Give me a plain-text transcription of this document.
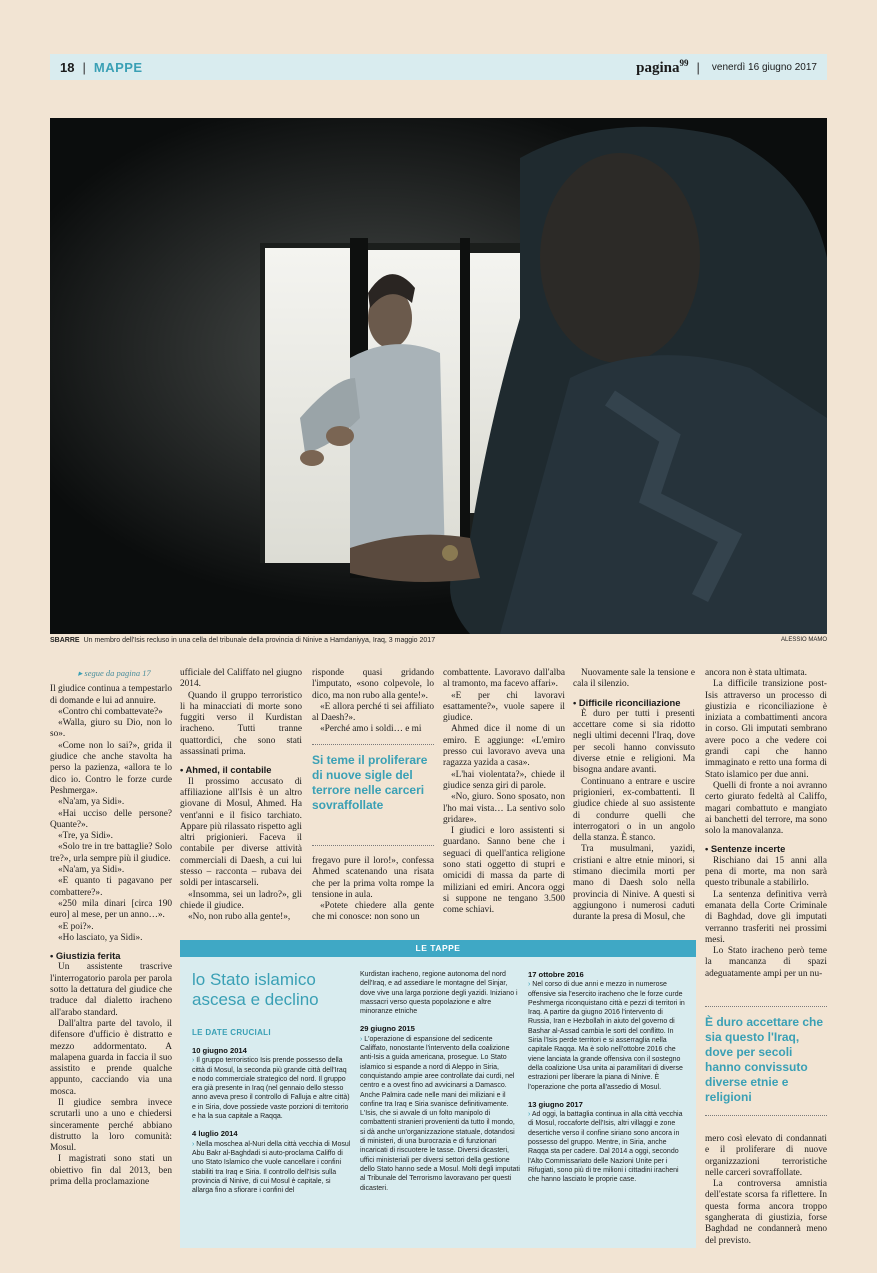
18 | MAPPE	pagina$^{99}$ | venerdì 16 giugno 2017
SBARRE Un membro dell'Isis recluso in una cella del tribunale della provincia di Ninive a Hamdaniyya, Iraq, 3 maggio 2017	ALESSIO MAMO
▸ segue da pagina 17

Il giudice continua a tempestarlo di domande e lui ad annuire.

«Contro chi combattevate?»

«Walla, giuro su Dio, non lo so».

«Come non lo sai?», grida il giudice che anche stavolta ha perso la pazienza, «allora te lo dico io. Contro le forze curde Peshmerga».

«Na'am, ya Sidi».

«Hai ucciso delle persone? Quante?».

«Tre, ya Sidi».

«Solo tre in tre battaglie? Solo tre?», urla sempre più il giudice.

«Na'am, ya Sidi».

«E quanto ti pagavano per combattere?».

«250 mila dinari [circa 190 euro] al mese, per un anno…».

«E poi?».

«Ho lasciato, ya Sidi».

• Giustizia ferita

Un assistente trascrive l'interrogatorio parola per parola sotto la dettatura del giudice che traduce dal dialetto iracheno all'arabo standard.

Dall'altra parte del tavolo, il difensore d'ufficio è distratto e mezzo addormentato. A malapena guarda in faccia il suo assistito e prende qualche appunto, cacciando via una mosca.

Il giudice sembra invece scrutarli uno a uno e chiedersi sinceramente perché abbiano distrutto la loro comunità: Mosul.

I magistrati sono stati un obiettivo fin dal 2013, ben prima della proclamazione

ufficiale del Califfato nel giugno 2014.

Quando il gruppo terroristico li ha minacciati di morte sono fuggiti verso il Kurdistan iracheno. Tutti tranne quattordici, che sono stati assassinati prima.

• Ahmed, il contabile

Il prossimo accusato di affiliazione all'Isis è un altro giovane di Mosul, Ahmed. Ha vent'anni e il fisico tarchiato. Appare più rilassato rispetto agli altri prigionieri. Faceva il contabile per diverse attività commerciali di Daesh, a cui lui stesso – racconta – rubava dei soldi per intascarseli.

«Insomma, sei un ladro?», gli chiede il giudice.

«No, non rubo alla gente!»,

risponde quasi gridando l'imputato, «sono colpevole, lo dico, ma non rubo alla gente!».

«E allora perché ti sei affiliato al Daesh?».

«Perché amo i soldi… e mi

Si teme il proliferare di nuove sigle del terrore nelle carceri sovraffollate

fregavo pure il loro!», confessa Ahmed scatenando una risata che per la prima volta rompe la tensione in aula.

«Potete chiedere alla gente che mi conosce: non sono un

combattente. Lavoravo dall'alba al tramonto, ma facevo affari».

«E per chi lavoravi esattamente?», vuole sapere il giudice.

Ahmed dice il nome di un emiro. E aggiunge: «L'emiro presso cui lavoravo aveva una ragazza yazida a casa».

«L'hai violentata?», chiede il giudice senza giri di parole.

«No, giuro. Sono sposato, non l'ho mai vista… La sentivo solo gridare».

I giudici e loro assistenti si guardano. Sanno bene che i seguaci di quell'antica religione sono stati oggetto di stupri e omicidi di massa da parte di miliziani ed emiri. Ancora oggi si suppone ne tengano 3.500 come schiavi.

Nuovamente sale la tensione e cala il silenzio.

• Difficile riconciliazione

È duro per tutti i presenti accettare come si sia ridotto negli ultimi decenni l'Iraq, dove per secoli hanno convissuto diverse etnie e religioni. Ma bisogna andare avanti.

Continuano a entrare e uscire prigionieri, ex-combattenti. Il giudice chiede al suo assistente di condurre quelli che interrogatori o in un angolo della stanza. È stanco.

Tra musulmani, yazidi, cristiani e altre etnie minori, si stimano diecimila morti per mano di Daesh solo nella provincia di Ninive. A questi si aggiungono i numerosi caduti durante la presa di Mosul, che

ancora non è stata ultimata.

La difficile transizione post-Isis attraverso un processo di giustizia e riconciliazione è iniziata a combattimenti ancora in corso. Gli imputati sembrano avere poco a che vedere coi grandi capi che hanno immaginato e retto una forma di Stato islamico per due anni.

Quelli di fronte a noi avranno certo giurato fedeltà al Califfo, magari combattuto e mangiato ai banchetti del terrore, ma sono solo la manovalanza.

• Sentenze incerte

Rischiano dai 15 anni alla pena di morte, ma non sarà questo tribunale a stabilirlo.

La sentenza definitiva verrà emanata della Corte Criminale di Baghdad, dove gli imputati verranno trasferiti nei prossimi mesi.

Lo Stato iracheno però teme la mancanza di spazi adeguatamente ampi per un nu-

È duro accettare che sia questo l'Iraq, dove per secoli hanno convissuto diverse etnie e religioni

mero così elevato di condannati e il proliferare di nuove organizzazioni terroristiche nelle carceri sovraffollate.

La controversa amnistia dell'estate scorsa fa riflettere. In questa forma ancora troppo sgangherata di giustizia, forse Baghdad ne condannerà meno del previsto.

LE TAPPE
lo Stato islamico ascesa e declino
LE DATE CRUCIALI
10 giugno 2014
› Il gruppo terroristico Isis prende possesso della città di Mosul, la seconda più grande città dell'Iraq e nodo commerciale strategico del nord. Il gruppo era già presente in Iraq (nel gennaio dello stesso anno aveva preso il controllo di Falluja e altre città) e in Siria, dove possiede vaste porzioni di territorio e ha la sua capitale a Raqqa.
4 luglio 2014
› Nella moschea al-Nuri della città vecchia di Mosul Abu Bakr al-Baghdadi si auto-proclama Califfo di uno Stato Islamico che vuole cancellare i confini stabiliti tra Iraq e Siria. Il controllo dell'Isis sulla provincia di Ninive, di cui Mosul è capitale, si allarga fino a sfiorare i confini del
Kurdistan iracheno, regione autonoma del nord dell'Iraq, e ad assediare le montagne del Sinjar, dove vive una larga porzione degli yazidi. Iniziano i massacri verso questa popolazione e altre minoranze etniche
29 giugno 2015
› L'operazione di espansione del sedicente Califfato, nonostante l'intervento della coalizione anti-Isis a guida americana, prosegue. Lo Stato islamico si espande a nord di Aleppo in Siria, conquistando ampie aree controllate dai curdi, nel centro e a ovest fino ad avvicinarsi a Damasco. Anche Palmira cade nelle mani dei miliziani e il confine tra Iraq e Siria svanisce definitivamente. L'Isis, che si avvale di un folto manipolo di combattenti stranieri provenienti da tutto il mondo, si dà anche un'organizzazione statuale, dotandosi di ministeri, di una burocrazia e di funzionari incaricati di riscuotere le tasse. Diversi dicasteri, uffici ministeriali per diversi settori della gestione dello Stato hanno sede a Mosul. Molti degli imputati al Tribunale del Terrorismo lavoravano per questi dicasteri.
17 ottobre 2016
› Nel corso di due anni e mezzo in numerose offensive sia l'esercito iracheno che le forze curde Peshmerga riconquistano città e pezzi di territori in Iraq. A partire da giugno 2016 l'intervento di Russia, Iran e Hezbollah in aiuto del governo di Bashar al-Assad cambia le sorti del conflitto. In Siria l'Isis perde territori e si asserraglia nella capitale Raqqa. Ma è solo nell'ottobre 2016 che viene lanciata la grande offensiva con il sostegno della coalizione Usa unita ai paramilitari di diverse estrazioni per liberare la piana di Ninive. È l'operazione che porta all'assedio di Mosul.
13 giugno 2017
› Ad oggi, la battaglia continua in alla città vecchia di Mosul, roccaforte dell'Isis, altri villaggi e zone desertiche verso il confine siriano sono ancora in possesso del gruppo. Mentre, in Siria, anche Raqqa sta per cadere. Dal 2014 a oggi, secondo l'Alto Commissariato delle Nazioni Unite per i Rifugiati, sono più di tre milioni i cittadini iracheni che hanno lasciato le proprie case.
